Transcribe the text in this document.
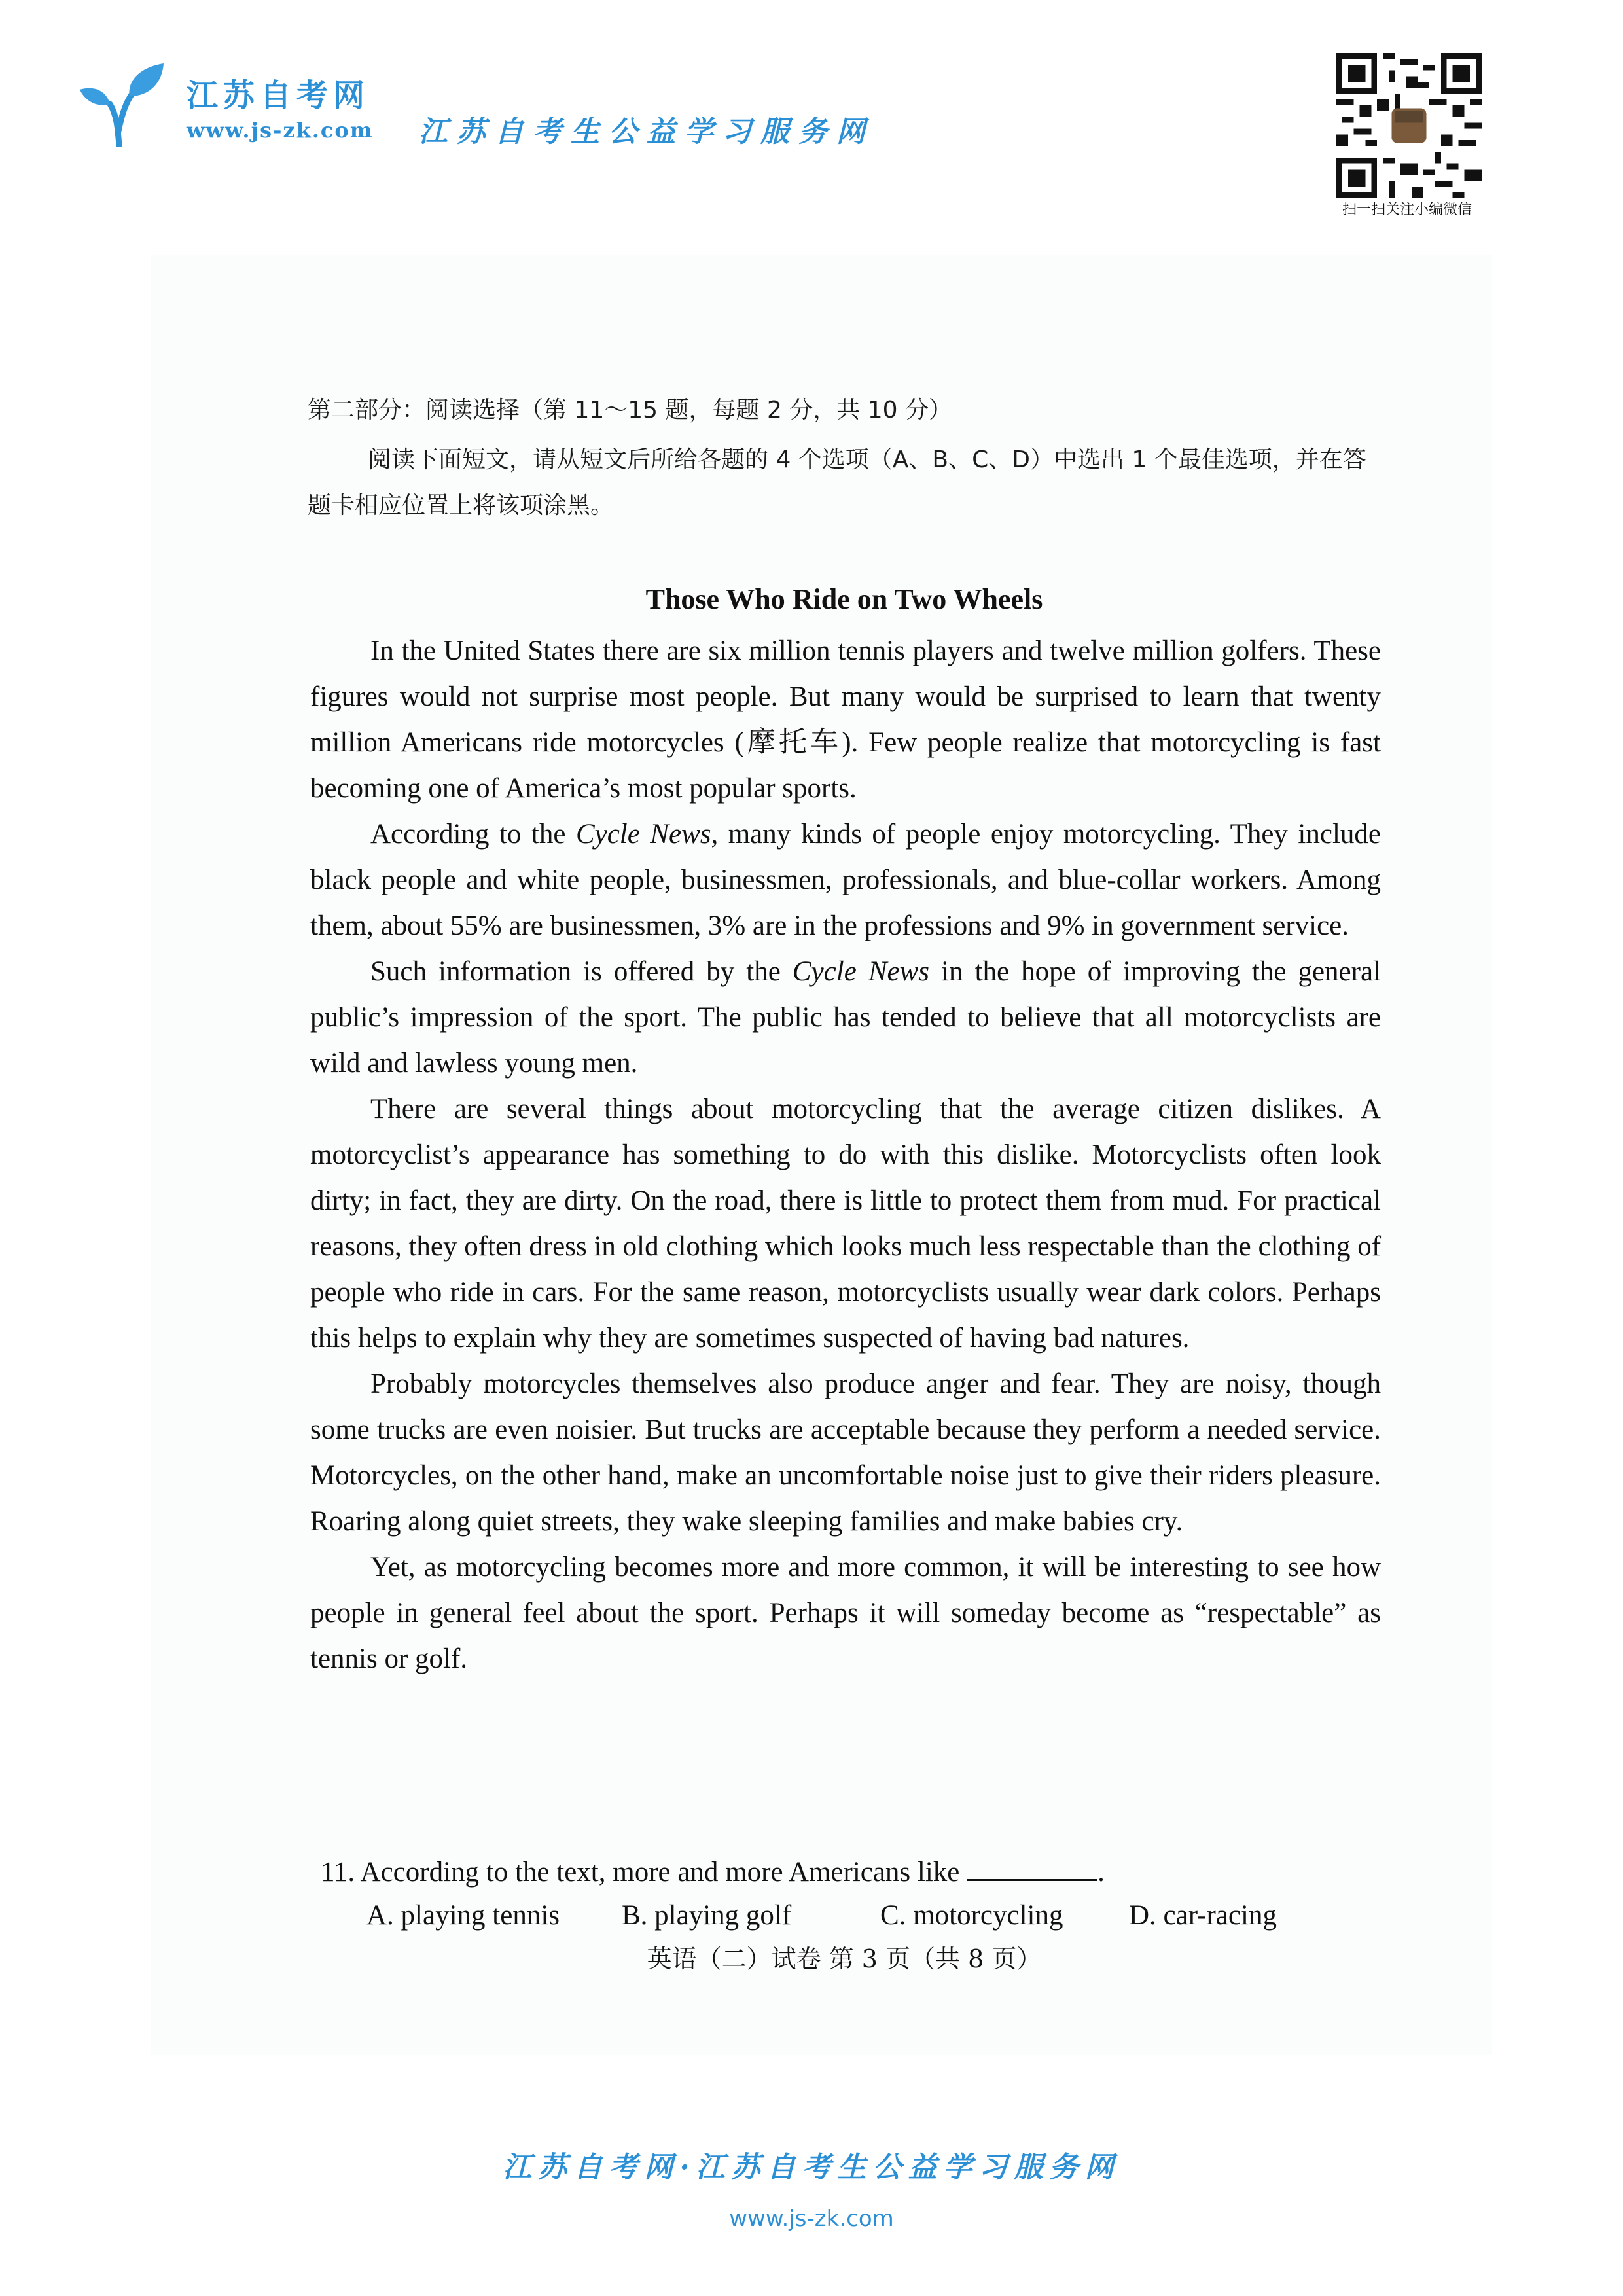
江苏自考网
www.js-zk.com 江苏自考生公益学习服务网
扫一扫关注小编微信
第二部分：阅读选择（第 11～15 题，每题 2 分，共 10 分）
阅读下面短文，请从短文后所给各题的 4 个选项（A、B、C、D）中选出 1 个最佳选项，并在答题卡相应位置上将该项涂黑。
Those Who Ride on Two Wheels

In the United States there are six million tennis players and twelve million golfers. These figures would not surprise most people. But many would be surprised to learn that twenty million Americans ride motorcycles (摩托车). Few people realize that motorcycling is fast becoming one of America’s most popular sports.

According to the Cycle News, many kinds of people enjoy motorcycling. They include black people and white people, businessmen, professionals, and blue-collar workers. Among them, about 55% are businessmen, 3% are in the professions and 9% in government service.

Such information is offered by the Cycle News in the hope of improving the general public’s impression of the sport. The public has tended to believe that all motorcyclists are wild and lawless young men.

There are several things about motorcycling that the average citizen dislikes. A motorcyclist’s appearance has something to do with this dislike. Motorcyclists often look dirty; in fact, they are dirty. On the road, there is little to protect them from mud. For practical reasons, they often dress in old clothing which looks much less respectable than the clothing of people who ride in cars. For the same reason, motorcyclists usually wear dark colors. Perhaps this helps to explain why they are sometimes suspected of having bad natures.

Probably motorcycles themselves also produce anger and fear. They are noisy, though some trucks are even noisier. But trucks are acceptable because they perform a needed service. Motorcycles, on the other hand, make an uncomfortable noise just to give their riders pleasure. Roaring along quiet streets, they wake sleeping families and make babies cry.

Yet, as motorcycling becomes more and more common, it will be interesting to see how people in general feel about the sport. Perhaps it will someday become as “respectable” as tennis or golf.

11. According to the text, more and more Americans like	.
A. playing tennis	B. playing golf	C. motorcycling	D. car-racing
英语（二）试卷 第 3 页（共 8 页）
江苏自考网·江苏自考生公益学习服务网
www.js-zk.com
